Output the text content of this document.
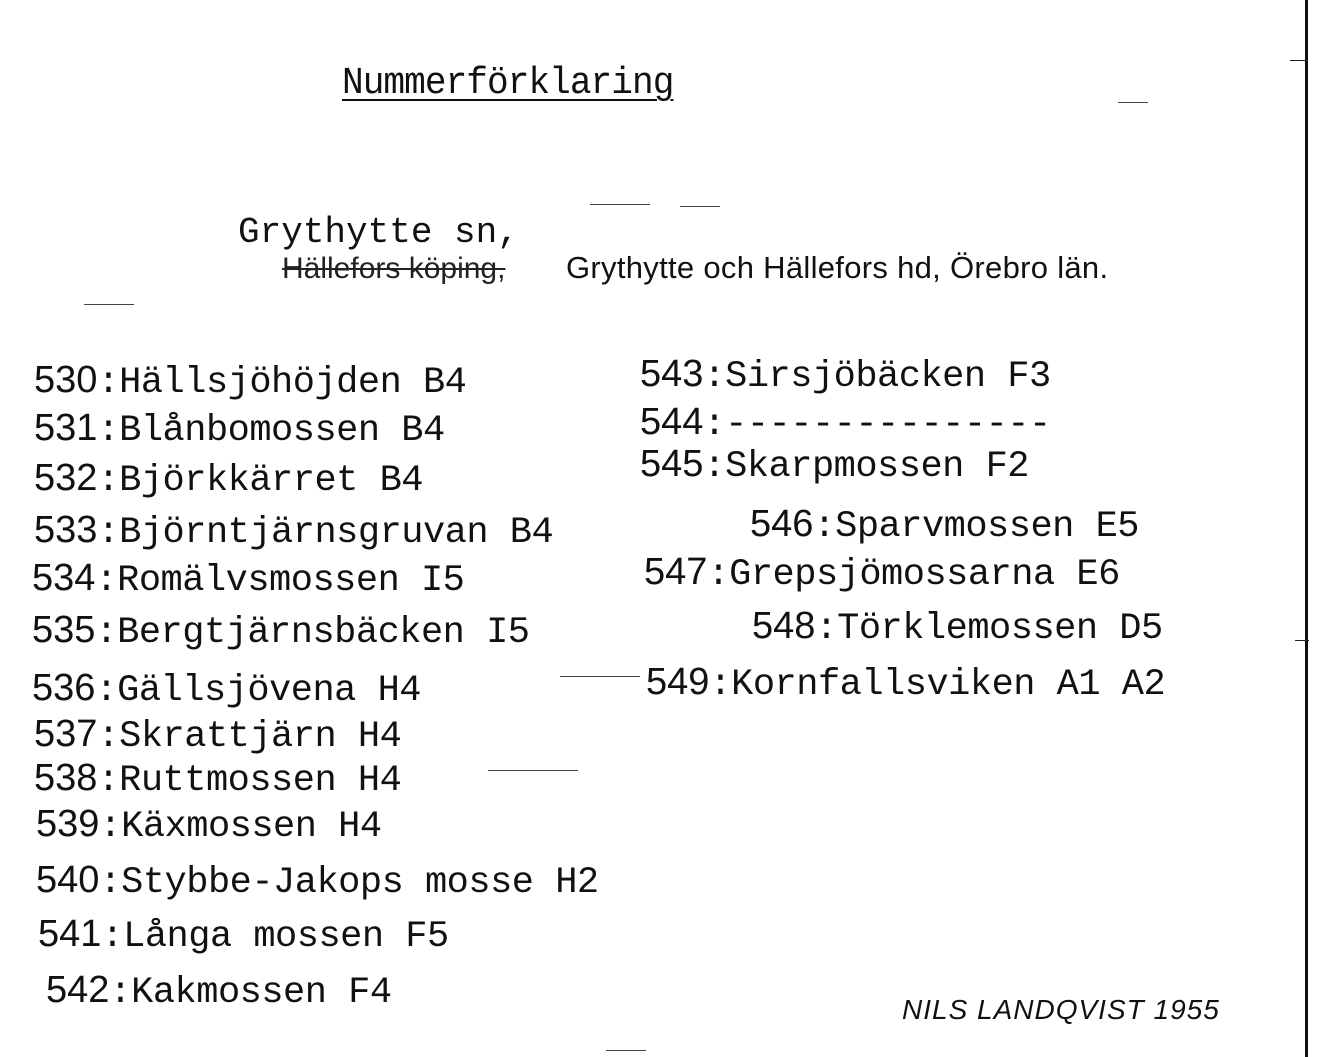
Nummerförklaring
Grythytte sn,
Hällefors köping, Grythytte och Hällefors hd, Örebro län.
530:Hällsjöhöjden B4
531:Blånbomossen B4
532:Björkkärret B4
533:Björntjärnsgruvan B4
534:Romälvsmossen I5
535:Bergtjärnsbäcken I5
536:Gällsjövena H4
537:Skrattjärn H4
538:Ruttmossen H4
539:Käxmossen H4
540:Stybbe-Jakops mosse H2
541:Långa mossen F5
542:Kakmossen F4
543:Sirsjöbäcken F3
544:---------------
545:Skarpmossen F2
546:Sparvmossen E5
547:Grepsjömossarna E6
548:Törklemossen D5
549:Kornfallsviken A1 A2
NILS LANDQVIST 1955
